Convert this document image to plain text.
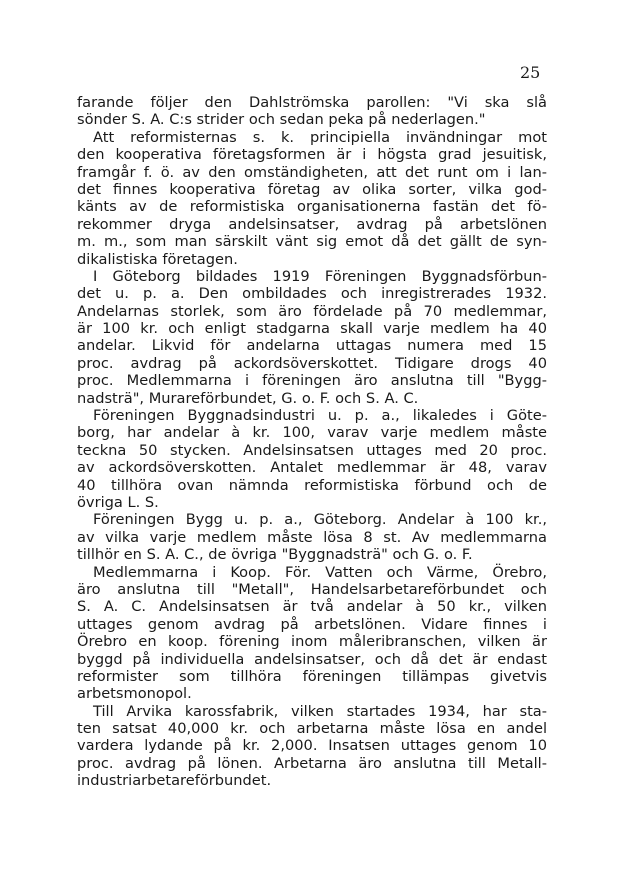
25
farande följer den Dahlströmska parollen: "Vi ska slå
sönder S. A. C:s strider och sedan peka på nederlagen."
Att reformisternas s. k. principiella invändningar mot
den kooperativa företagsformen är i högsta grad jesuitisk,
framgår f. ö. av den omständigheten, att det runt om i lan-
det finnes kooperativa företag av olika sorter, vilka god-
känts av de reformistiska organisationerna fastän det fö-
rekommer dryga andelsinsatser, avdrag på arbetslönen
m. m., som man särskilt vänt sig emot då det gällt de syn-
dikalistiska företagen.
I Göteborg bildades 1919 Föreningen Byggnadsförbun-
det u. p. a. Den ombildades och inregistrerades 1932.
Andelarnas storlek, som äro fördelade på 70 medlemmar,
är 100 kr. och enligt stadgarna skall varje medlem ha 40
andelar. Likvid för andelarna uttagas numera med 15
proc. avdrag på ackordsöverskottet. Tidigare drogs 40
proc. Medlemmarna i föreningen äro anslutna till "Bygg-
nadsträ", Murareförbundet, G. o. F. och S. A. C.
Föreningen Byggnadsindustri u. p. a., likaledes i Göte-
borg, har andelar à kr. 100, varav varje medlem måste
teckna 50 stycken. Andelsinsatsen uttages med 20 proc.
av ackordsöverskotten. Antalet medlemmar är 48, varav
40 tillhöra ovan nämnda reformistiska förbund och de
övriga L. S.
Föreningen Bygg u. p. a., Göteborg. Andelar à 100 kr.,
av vilka varje medlem måste lösa 8 st. Av medlemmarna
tillhör en S. A. C., de övriga "Byggnadsträ" och G. o. F.
Medlemmarna i Koop. För. Vatten och Värme, Örebro,
äro anslutna till "Metall", Handelsarbetareförbundet och
S. A. C. Andelsinsatsen är två andelar à 50 kr., vilken
uttages genom avdrag på arbetslönen. Vidare finnes i
Örebro en koop. förening inom måleribranschen, vilken är
byggd på individuella andelsinsatser, och då det är endast
reformister som tillhöra föreningen tillämpas givetvis
arbetsmonopol.
Till Arvika karossfabrik, vilken startades 1934, har sta-
ten satsat 40,000 kr. och arbetarna måste lösa en andel
vardera lydande på kr. 2,000. Insatsen uttages genom 10
proc. avdrag på lönen. Arbetarna äro anslutna till Metall-
industriarbetareförbundet.
